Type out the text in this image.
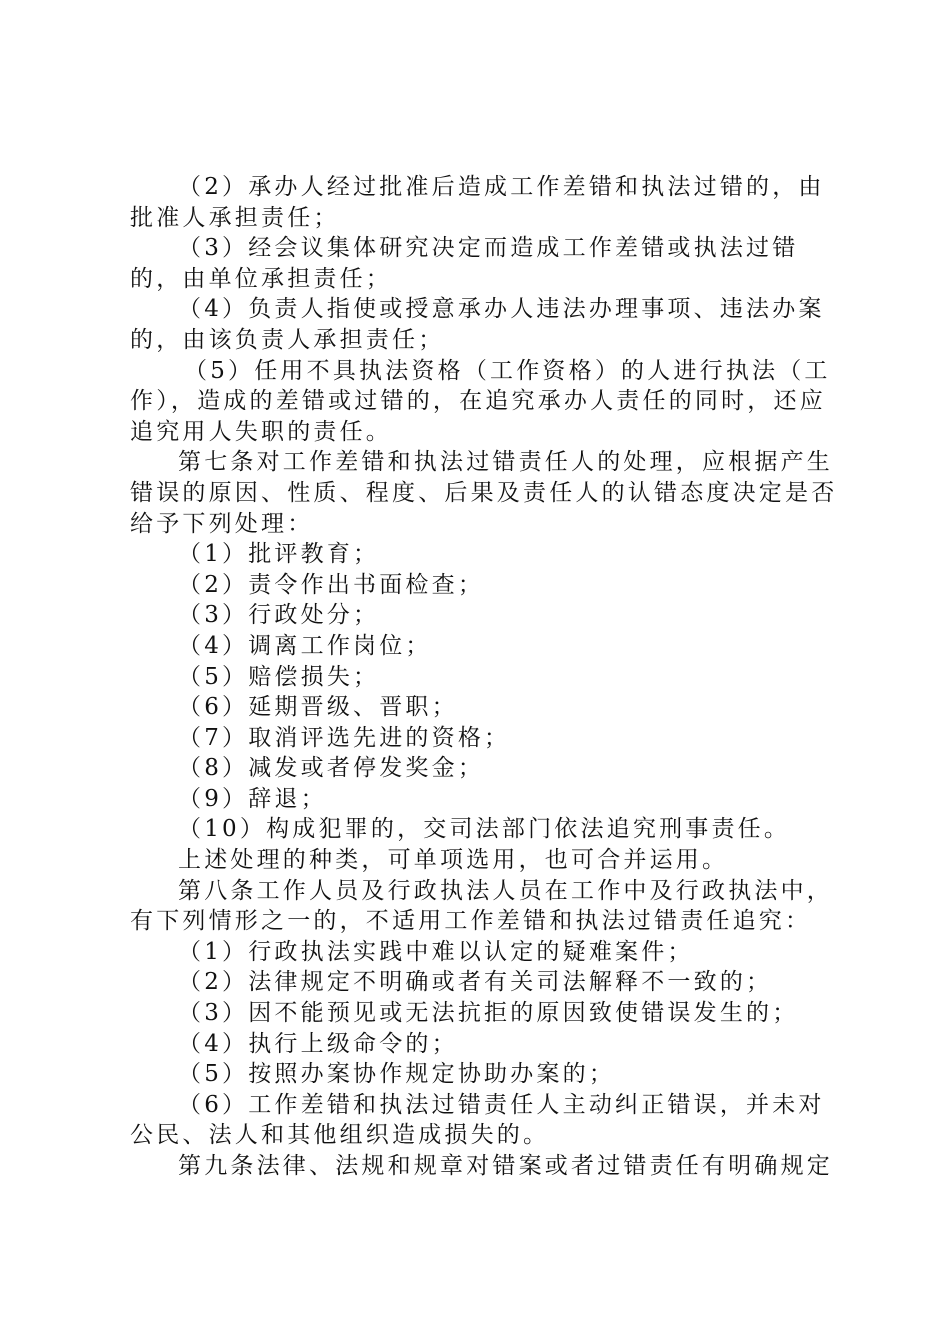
（2）承办人经过批准后造成工作差错和执法过错的，由批准人承担责任；

（3）经会议集体研究决定而造成工作差错或执法过错的，由单位承担责任；

（4）负责人指使或授意承办人违法办理事项、违法办案的，由该负责人承担责任；

（5）任用不具执法资格（工作资格）的人进行执法（工作），造成的差错或过错的，在追究承办人责任的同时，还应追究用人失职的责任。

第七条对工作差错和执法过错责任人的处理，应根据产生错误的原因、性质、程度、后果及责任人的认错态度决定是否给予下列处理：

（1）批评教育；

（2）责令作出书面检查；

（3）行政处分；

（4）调离工作岗位；

（5）赔偿损失；

（6）延期晋级、晋职；

（7）取消评选先进的资格；

（8）减发或者停发奖金；

（9）辞退；

（10）构成犯罪的，交司法部门依法追究刑事责任。

上述处理的种类，可单项选用，也可合并运用。

第八条工作人员及行政执法人员在工作中及行政执法中，有下列情形之一的，不适用工作差错和执法过错责任追究：

（1）行政执法实践中难以认定的疑难案件；

（2）法律规定不明确或者有关司法解释不一致的；

（3）因不能预见或无法抗拒的原因致使错误发生的；

（4）执行上级命令的；

（5）按照办案协作规定协助办案的；

（6）工作差错和执法过错责任人主动纠正错误，并未对公民、法人和其他组织造成损失的。

第九条法律、法规和规章对错案或者过错责任有明确规定
